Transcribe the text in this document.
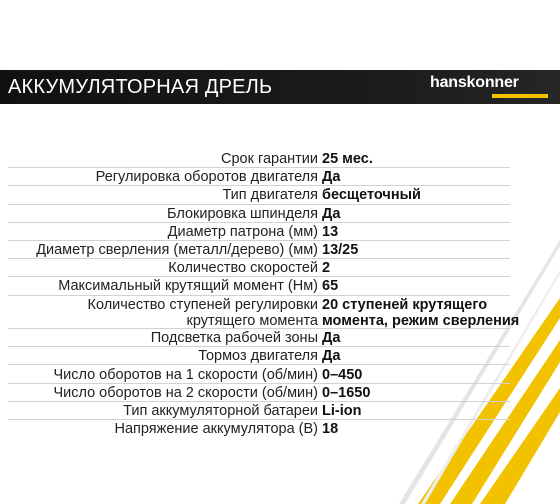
АККУМУЛЯТОРНАЯ ДРЕЛЬ	hanskonner
Срок гарантии 25 мес.
Регулировка оборотов двигателя Да
Тип двигателя бесщеточный
Блокировка шпинделя Да
Диаметр патрона (мм) 13
Диаметр сверления (металл/дерево) (мм) 13/25
Количество скоростей 2
Максимальный крутящий момент (Нм) 65
Количество ступеней регулировки
крутящего момента
20 ступеней крутящего
момента, режим сверления
Подсветка рабочей зоны Да
Тормоз двигателя Да
Число оборотов на 1 скорости (об/мин) 0–450
Число оборотов на 2 скорости (об/мин) 0–1650
Тип аккумуляторной батареи Li-ion
Напряжение аккумулятора (В) 18
